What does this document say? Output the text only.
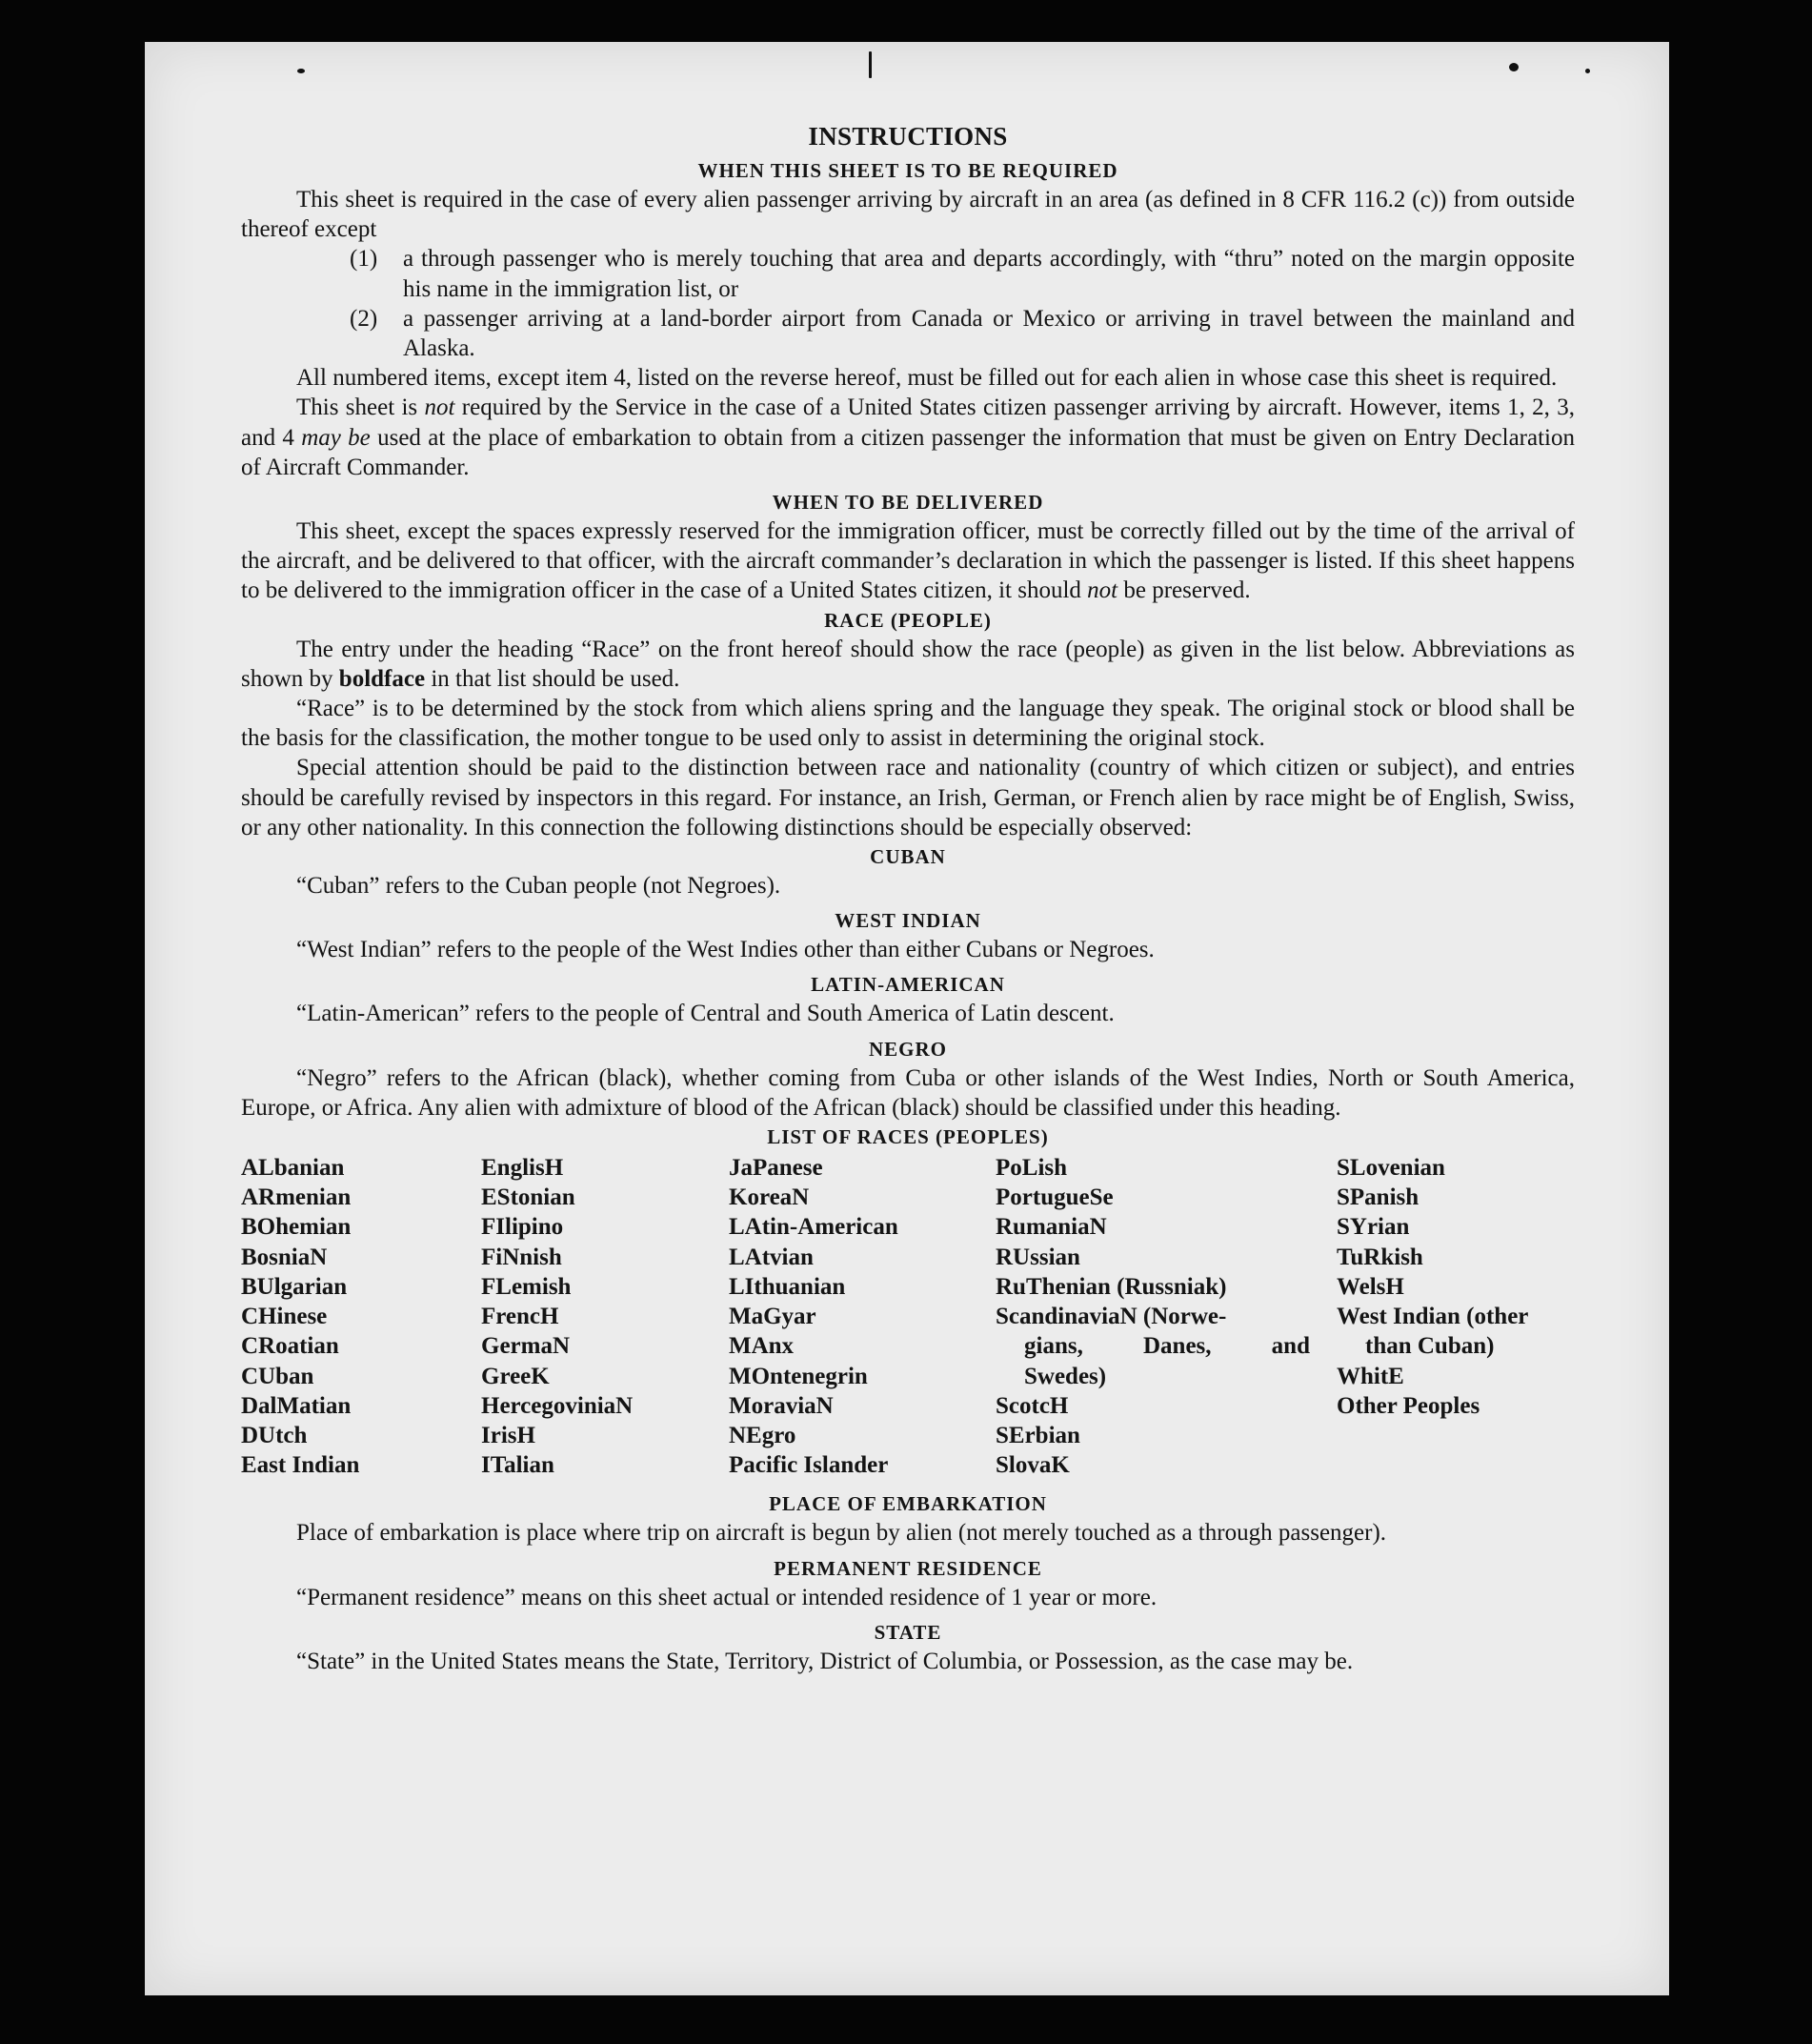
INSTRUCTIONS
WHEN THIS SHEET IS TO BE REQUIRED

This sheet is required in the case of every alien passenger arriving by aircraft in an area (as defined in 8 CFR 116.2 (c)) from outside thereof except

(1) a through passenger who is merely touching that area and departs accordingly, with “thru” noted on the margin opposite his name in the immigration list, or
(2) a passenger arriving at a land-border airport from Canada or Mexico or arriving in travel between the mainland and Alaska.

All numbered items, except item 4, listed on the reverse hereof, must be filled out for each alien in whose case this sheet is required.

This sheet is not required by the Service in the case of a United States citizen passenger arriving by aircraft. However, items 1, 2, 3, and 4 may be used at the place of embarkation to obtain from a citizen passenger the information that must be given on Entry Declaration of Aircraft Commander.

WHEN TO BE DELIVERED

This sheet, except the spaces expressly reserved for the immigration officer, must be correctly filled out by the time of the arrival of the aircraft, and be delivered to that officer, with the aircraft commander’s declaration in which the passenger is listed. If this sheet happens to be delivered to the immigration officer in the case of a United States citizen, it should not be preserved.

RACE (PEOPLE)

The entry under the heading “Race” on the front hereof should show the race (people) as given in the list below. Abbreviations as shown by boldface in that list should be used.

“Race” is to be determined by the stock from which aliens spring and the language they speak. The original stock or blood shall be the basis for the classification, the mother tongue to be used only to assist in determining the original stock.

Special attention should be paid to the distinction between race and nationality (country of which citizen or subject), and entries should be carefully revised by inspectors in this regard. For instance, an Irish, German, or French alien by race might be of English, Swiss, or any other nationality. In this connection the following distinctions should be especially observed:

CUBAN

“Cuban” refers to the Cuban people (not Negroes).

WEST INDIAN

“West Indian” refers to the people of the West Indies other than either Cubans or Negroes.

LATIN-AMERICAN

“Latin-American” refers to the people of Central and South America of Latin descent.

NEGRO

“Negro” refers to the African (black), whether coming from Cuba or other islands of the West Indies, North or South America, Europe, or Africa. Any alien with admixture of blood of the African (black) should be classified under this heading.

LIST OF RACES (PEOPLES)
ALbanian
ARmenian
BOhemian
BosniaN
BUlgarian
CHinese
CRoatian
CUban
DalMatian
DUtch
East Indian
EnglisH
EStonian
FIlipino
FiNnish
FLemish
FrencH
GermaN
GreeK
HercegoviniaN
IrisH
ITalian
JaPanese
KoreaN
LAtin-American
LAtvian
LIthuanian
MaGyar
MAnx
MOntenegrin
MoraviaN
NEgro
Pacific Islander
PoLish
PortugueSe
RumaniaN
RUssian
RuThenian (Russniak)
ScandinaviaN (Norwe-
gians,	Danes,	and
Swedes)
ScotcH
SErbian
SlovaK
SLovenian
SPanish
SYrian
TuRkish
WelsH
West Indian (other
than Cuban)
WhitE
Other Peoples
PLACE OF EMBARKATION

Place of embarkation is place where trip on aircraft is begun by alien (not merely touched as a through passenger).

PERMANENT RESIDENCE

“Permanent residence” means on this sheet actual or intended residence of 1 year or more.

STATE

“State” in the United States means the State, Territory, District of Columbia, or Possession, as the case may be.
